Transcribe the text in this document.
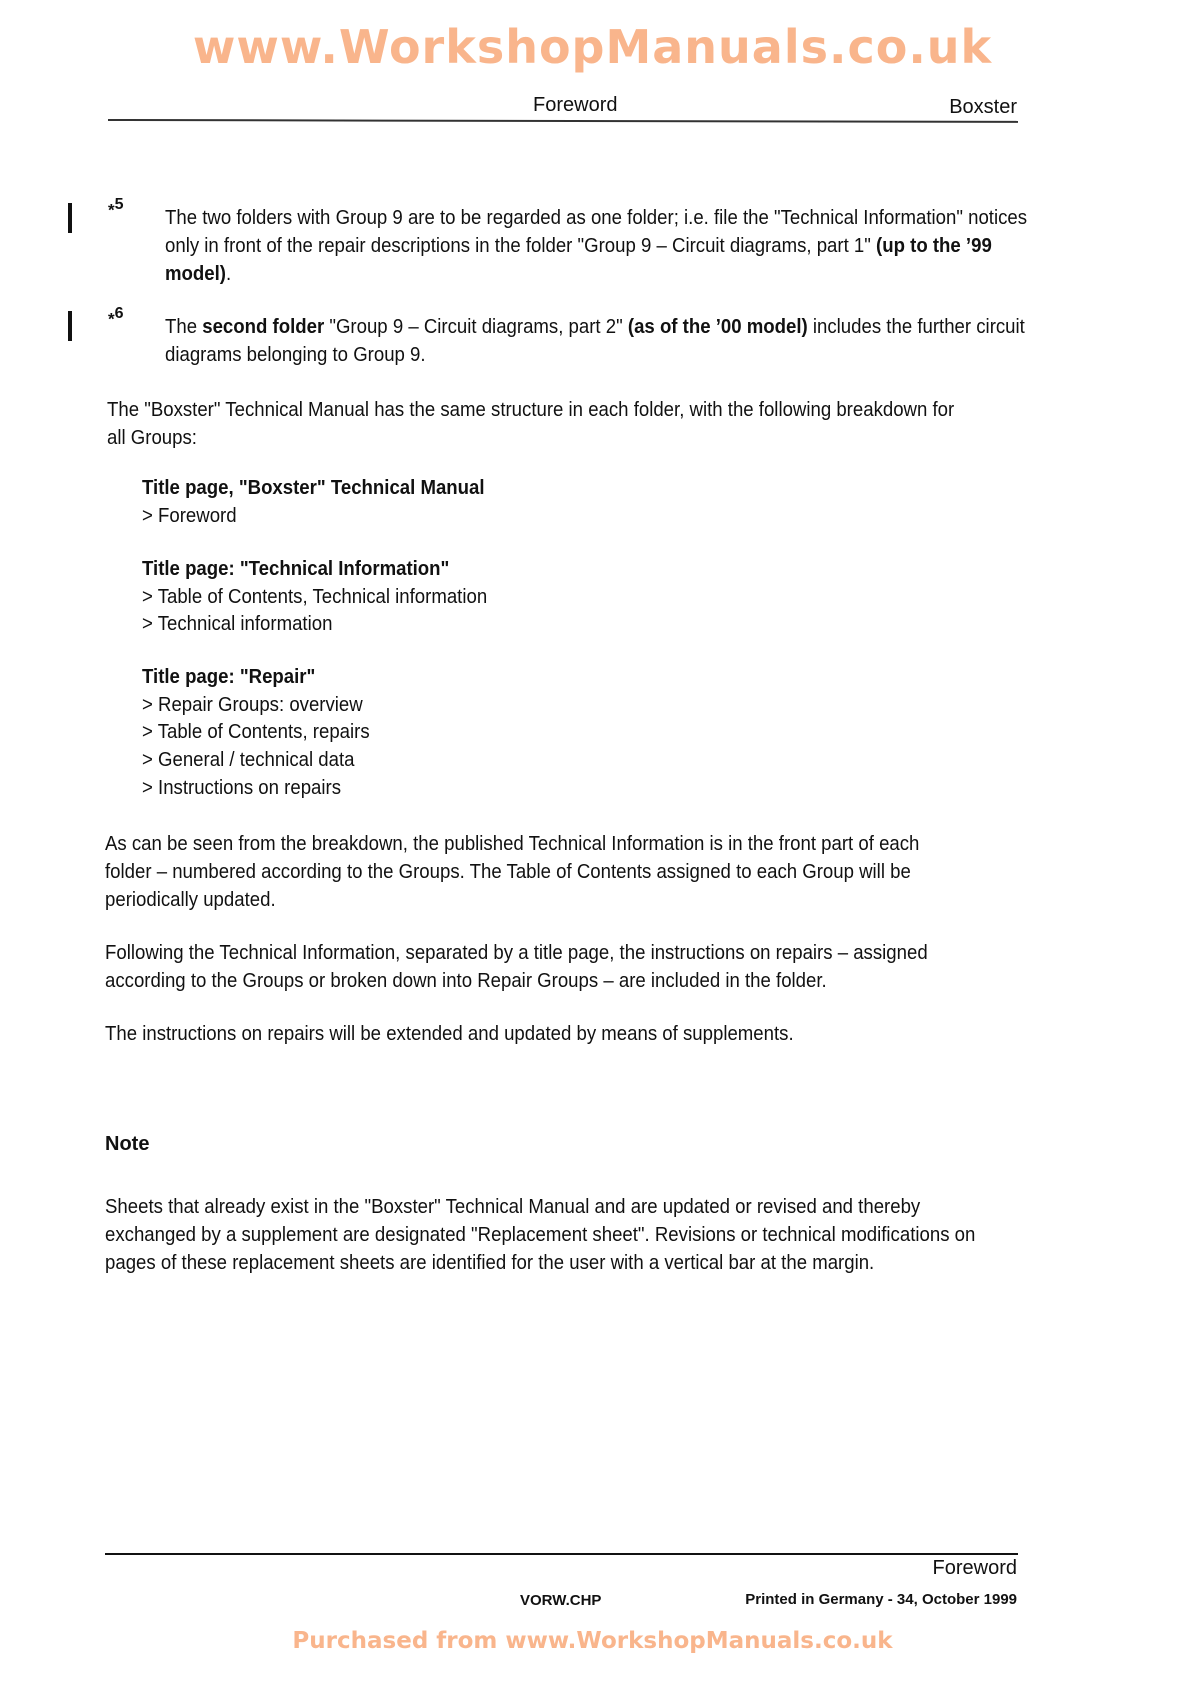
www.WorkshopManuals.co.uk
Foreword	Boxster
*$^5$

The two folders with Group 9 are to be regarded as one folder; i.e. file the "Technical Information" notices only in front of the repair descriptions in the folder "Group 9 – Circuit diagrams, part 1" (up to the ’99 model).

*$^6$

The second folder "Group 9 – Circuit diagrams, part 2" (as of the ’00 model) includes the further circuit diagrams belonging to Group 9.

The "Boxster" Technical Manual has the same structure in each folder, with the following breakdown for all Groups:

Title page, "Boxster" Technical Manual
> Foreword
Title page: "Technical Information"
> Table of Contents, Technical information
> Technical information
Title page: "Repair"
> Repair Groups: overview
> Table of Contents, repairs
> General / technical data
> Instructions on repairs

As can be seen from the breakdown, the published Technical Information is in the front part of each folder – numbered according to the Groups. The Table of Contents assigned to each Group will be periodically updated.

Following the Technical Information, separated by a title page, the instructions on repairs – assigned according to the Groups or broken down into Repair Groups – are included in the folder.

The instructions on repairs will be extended and updated by means of supplements.

Note

Sheets that already exist in the "Boxster" Technical Manual and are updated or revised and thereby exchanged by a supplement are designated "Replacement sheet". Revisions or technical modifications on pages of these replacement sheets are identified for the user with a vertical bar at the margin.

Foreword
VORW.CHP	Printed in Germany - 34, October 1999
Purchased from www.WorkshopManuals.co.uk
